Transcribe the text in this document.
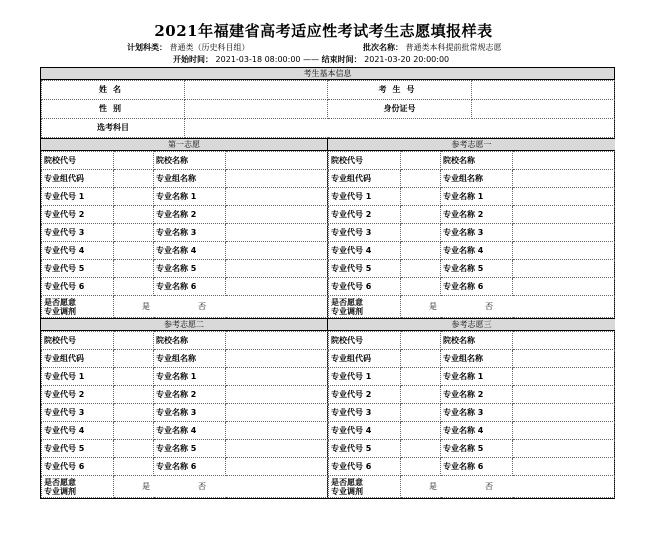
2021年福建省高考适应性考试考生志愿填报样表
计划科类： 普通类（历史科目组）	批次名称： 普通类本科提前批常规志愿
开始时间： 2021-03-18 08:00:00 —— 结束时间： 2021-03-20 20:00:00
考生基本信息
姓名		考生号	
性别		身份证号	
选考科目			
第一志愿
院校代号		院校名称	
专业组代码		专业组名称	
专业代号 1		专业名称 1	
专业代号 2		专业名称 2	
专业代号 3		专业名称 3	
专业代号 4		专业名称 4	
专业代号 5		专业名称 5	
专业代号 6		专业名称 6	
是否愿意
专业调剂	是 否		
参考志愿一
院校代号		院校名称	
专业组代码		专业组名称	
专业代号 1		专业名称 1	
专业代号 2		专业名称 2	
专业代号 3		专业名称 3	
专业代号 4		专业名称 4	
专业代号 5		专业名称 5	
专业代号 6		专业名称 6	
是否愿意
专业调剂	是 否		
参考志愿二
院校代号		院校名称	
专业组代码		专业组名称	
专业代号 1		专业名称 1	
专业代号 2		专业名称 2	
专业代号 3		专业名称 3	
专业代号 4		专业名称 4	
专业代号 5		专业名称 5	
专业代号 6		专业名称 6	
是否愿意
专业调剂	是 否		
参考志愿三
院校代号		院校名称	
专业组代码		专业组名称	
专业代号 1		专业名称 1	
专业代号 2		专业名称 2	
专业代号 3		专业名称 3	
专业代号 4		专业名称 4	
专业代号 5		专业名称 5	
专业代号 6		专业名称 6	
是否愿意
专业调剂	是 否		
